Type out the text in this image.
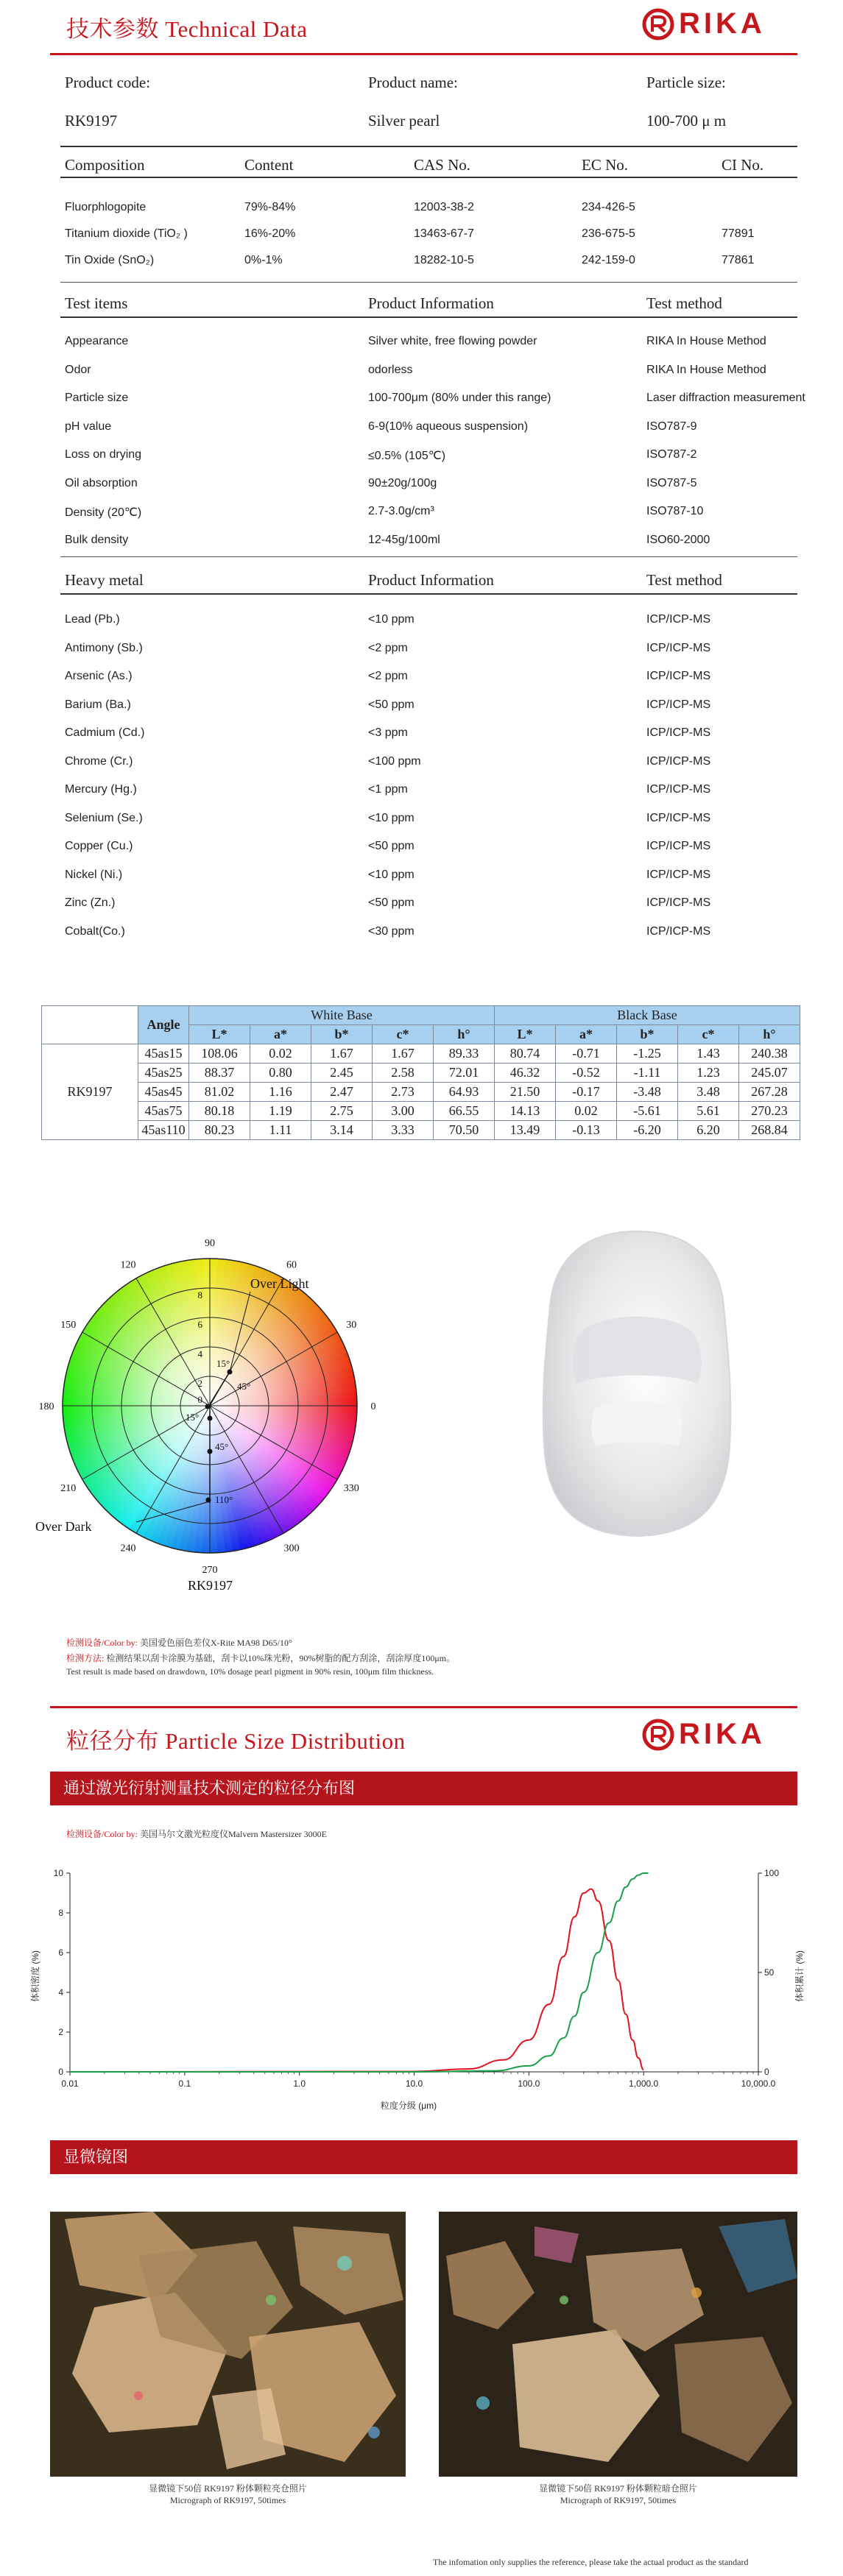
技术参数 Technical Data	RIKA
Product code:	Product name:	Particle size:
RK9197	Silver pearl	100-700 μ m
Composition	Content	CAS No.	EC No.	CI No.
Fluorphlogopite	79%-84%	12003-38-2	234-426-5
Titanium dioxide (TiO₂ )	16%-20%	13463-67-7	236-675-5	77891
Tin Oxide (SnO₂)	0%-1%	18282-10-5	242-159-0	77861
Test items	Product Information	Test method
Appearance	Silver white, free flowing powder	RIKA In House Method
Odor	odorless	RIKA In House Method
Particle size	100-700μm (80% under this range)	Laser diffraction measurement
pH value	6-9(10% aqueous suspension)	ISO787-9
Loss on drying	≤0.5% (105℃)	ISO787-2
Oil absorption	90±20g/100g	ISO787-5
Density (20℃)	2.7-3.0g/cm³	ISO787-10
Bulk density	12-45g/100ml	ISO60-2000
Heavy metal	Product Information	Test method
Lead (Pb.)	<10 ppm	ICP/ICP-MS
Antimony (Sb.)	<2 ppm	ICP/ICP-MS
Arsenic (As.)	<2 ppm	ICP/ICP-MS
Barium (Ba.)	<50 ppm	ICP/ICP-MS
Cadmium (Cd.)	<3 ppm	ICP/ICP-MS
Chrome (Cr.)	<100 ppm	ICP/ICP-MS
Mercury (Hg.)	<1 ppm	ICP/ICP-MS
Selenium (Se.)	<10 ppm	ICP/ICP-MS
Copper (Cu.)	<50 ppm	ICP/ICP-MS
Nickel (Ni.)	<10 ppm	ICP/ICP-MS
Zinc (Zn.)	<50 ppm	ICP/ICP-MS
Cobalt(Co.)	<30 ppm	ICP/ICP-MS
	Angle	White Base					Black Base				
		L*	a*	b*	c*	h°	L*	a*	b*	c*	h°
RK9197	45as15	108.06	0.02	1.67	1.67	89.33	80.74	-0.71	-1.25	1.43	240.38
	45as25	88.37	0.80	2.45	2.58	72.01	46.32	-0.52	-1.11	1.23	245.07
	45as45	81.02	1.16	2.47	2.73	64.93	21.50	-0.17	-3.48	3.48	267.28
	45as75	80.18	1.19	2.75	3.00	66.55	14.13	0.02	-5.61	5.61	270.23
	45as110	80.23	1.11	3.14	3.33	70.50	13.49	-0.13	-6.20	6.20	268.84
90
60
30
0
330
300
270
240
210
180
150
120
8
6
4
2
0
Over Light
Over Dark
15°
45°
15°
45°
110°
RK9197
检测设备/Color by: 美国爱色丽色差仪X-Rite MA98 D65/10°
检测方法: 检测结果以刮卡涂膜为基础，刮卡以10%珠光粉，90%树脂的配方刮涂，刮涂厚度100μm。
Test result is made based on drawdown, 10% dosage pearl pigment in 90% resin, 100μm film thickness.
粒径分布 Particle Size Distribution	RIKA
通过激光衍射测量技术测定的粒径分布图
检测设备/Color by: 美国马尔文激光粒度仪Malvern Mastersizer 3000E
0.01	0.1	1.0	10.0	100.0	1,000.0	10,000.0
0
2
4
6
8
10
0
50
100
体积密度 (%)	体积累计 (%)
粒度分级 (μm)
显微镜图
显微镜下50倍 RK9197 粉体颗粒亮仓照片
Micrograph of RK9197, 50times
显微镜下50倍 RK9197 粉体颗粒暗仓照片
Micrograph of RK9197, 50times
The infomation only supplies the reference, please take the actual product as the standard
